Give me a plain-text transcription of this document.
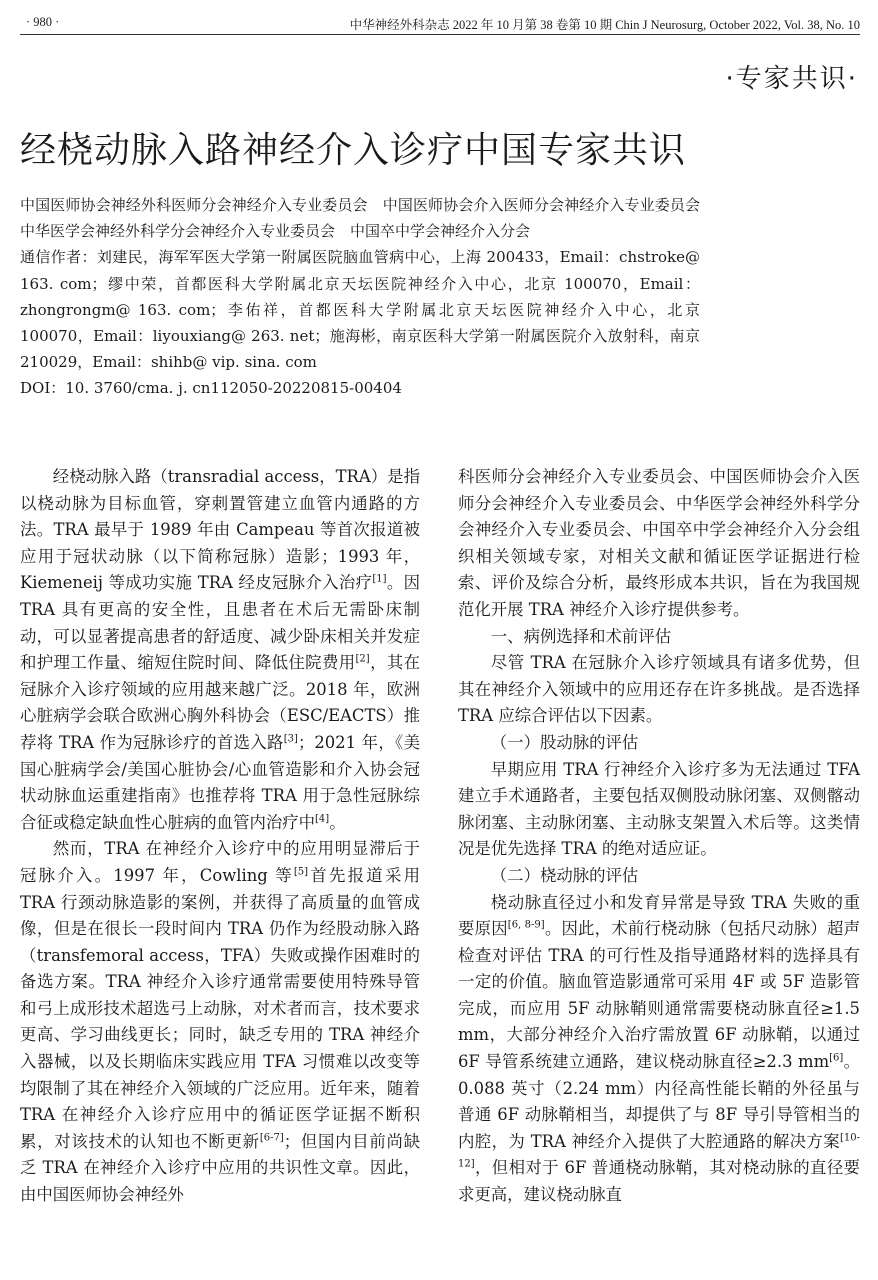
· 980 ·	中华神经外科杂志 2022 年 10 月第 38 卷第 10 期 Chin J Neurosurg, October 2022, Vol. 38, No. 10
·专家共识·
经桡动脉入路神经介入诊疗中国专家共识

中国医师协会神经外科医师分会神经介入专业委员会　中国医师协会介入医师分会神经介入专业委员会　中华医学会神经外科学分会神经介入专业委员会　中国卒中学会神经介入分会

通信作者：刘建民，海军军医大学第一附属医院脑血管病中心，上海 200433，Email：chstroke@ 163. com；缪中荣，首都医科大学附属北京天坛医院神经介入中心，北京 100070，Email：zhongrongm@ 163. com；李佑祥，首都医科大学附属北京天坛医院神经介入中心，北京 100070，Email：liyouxiang@ 263. net；施海彬，南京医科大学第一附属医院介入放射科，南京 210029，Email：shihb@ vip. sina. com

DOI：10. 3760/cma. j. cn112050-20220815-00404

经桡动脉入路（transradial access，TRA）是指以桡动脉为目标血管，穿刺置管建立血管内通路的方法。TRA 最早于 1989 年由 Campeau 等首次报道被应用于冠状动脉（以下简称冠脉）造影；1993 年，Kiemeneij 等成功实施 TRA 经皮冠脉介入治疗[1]。因 TRA 具有更高的安全性，且患者在术后无需卧床制动，可以显著提高患者的舒适度、减少卧床相关并发症和护理工作量、缩短住院时间、降低住院费用[2]，其在冠脉介入诊疗领域的应用越来越广泛。2018 年，欧洲心脏病学会联合欧洲心胸外科协会（ESC/EACTS）推荐将 TRA 作为冠脉诊疗的首选入路[3]；2021 年，《美国心脏病学会/美国心脏协会/心血管造影和介入协会冠状动脉血运重建指南》也推荐将 TRA 用于急性冠脉综合征或稳定缺血性心脏病的血管内治疗中[4]。

然而，TRA 在神经介入诊疗中的应用明显滞后于冠脉介入。1997 年，Cowling 等[5]首先报道采用 TRA 行颈动脉造影的案例，并获得了高质量的血管成像，但是在很长一段时间内 TRA 仍作为经股动脉入路（transfemoral access，TFA）失败或操作困难时的备选方案。TRA 神经介入诊疗通常需要使用特殊导管和弓上成形技术超选弓上动脉，对术者而言，技术要求更高、学习曲线更长；同时，缺乏专用的 TRA 神经介入器械，以及长期临床实践应用 TFA 习惯难以改变等均限制了其在神经介入领域的广泛应用。近年来，随着 TRA 在神经介入诊疗应用中的循证医学证据不断积累，对该技术的认知也不断更新[6-7]；但国内目前尚缺乏 TRA 在神经介入诊疗中应用的共识性文章。因此，由中国医师协会神经外

科医师分会神经介入专业委员会、中国医师协会介入医师分会神经介入专业委员会、中华医学会神经外科学分会神经介入专业委员会、中国卒中学会神经介入分会组织相关领域专家，对相关文献和循证医学证据进行检索、评价及综合分析，最终形成本共识，旨在为我国规范化开展 TRA 神经介入诊疗提供参考。

一、病例选择和术前评估

尽管 TRA 在冠脉介入诊疗领域具有诸多优势，但其在神经介入领域中的应用还存在许多挑战。是否选择 TRA 应综合评估以下因素。

（一）股动脉的评估

早期应用 TRA 行神经介入诊疗多为无法通过 TFA 建立手术通路者，主要包括双侧股动脉闭塞、双侧髂动脉闭塞、主动脉闭塞、主动脉支架置入术后等。这类情况是优先选择 TRA 的绝对适应证。

（二）桡动脉的评估

桡动脉直径过小和发育异常是导致 TRA 失败的重要原因[6, 8-9]。因此，术前行桡动脉（包括尺动脉）超声检查对评估 TRA 的可行性及指导通路材料的选择具有一定的价值。脑血管造影通常可采用 4F 或 5F 造影管完成，而应用 5F 动脉鞘则通常需要桡动脉直径≥1.5 mm，大部分神经介入治疗需放置 6F 动脉鞘，以通过 6F 导管系统建立通路，建议桡动脉直径≥2.3 mm[6]。0.088 英寸（2.24 mm）内径高性能长鞘的外径虽与普通 6F 动脉鞘相当，却提供了与 8F 导引导管相当的内腔，为 TRA 神经介入提供了大腔通路的解决方案[10-12]，但相对于 6F 普通桡动脉鞘，其对桡动脉的直径要求更高，建议桡动脉直
